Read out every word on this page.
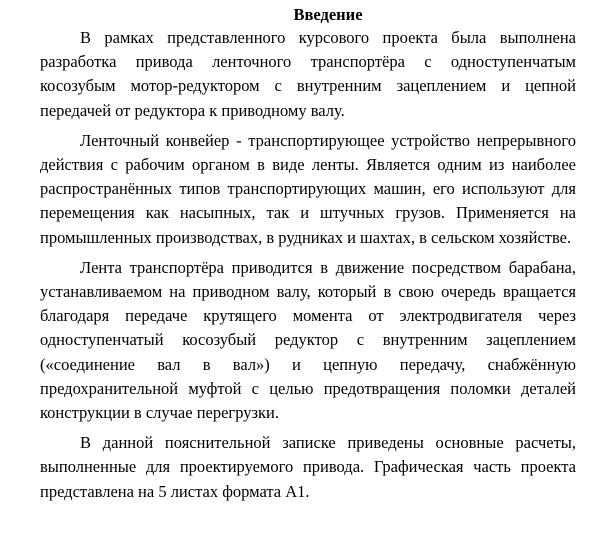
Введение

В рамках представленного курсового проекта была выполнена разработка привода ленточного транспортёра с одноступенчатым косозубым мотор-редуктором с внутренним зацеплением и цепной передачей от редуктора к приводному валу.

Ленточный конвейер - транспортирующее устройство непрерывного действия с рабочим органом в виде ленты. Является одним из наиболее распространённых типов транспортирующих машин, его используют для перемещения как насыпных, так и штучных грузов. Применяется на промышленных производствах, в рудниках и шахтах, в сельском хозяйстве.

Лента транспортёра приводится в движение посредством барабана, устанавливаемом на приводном валу, который в свою очередь вращается благодаря передаче крутящего момента от электродвигателя через одноступенчатый косозубый редуктор с внутренним зацеплением («соединение вал в вал») и цепную передачу, снабжённую предохранительной муфтой с целью предотвращения поломки деталей конструкции в случае перегрузки.

В данной пояснительной записке приведены основные расчеты, выполненные для проектируемого привода. Графическая часть проекта представлена на 5 листах формата А1.
